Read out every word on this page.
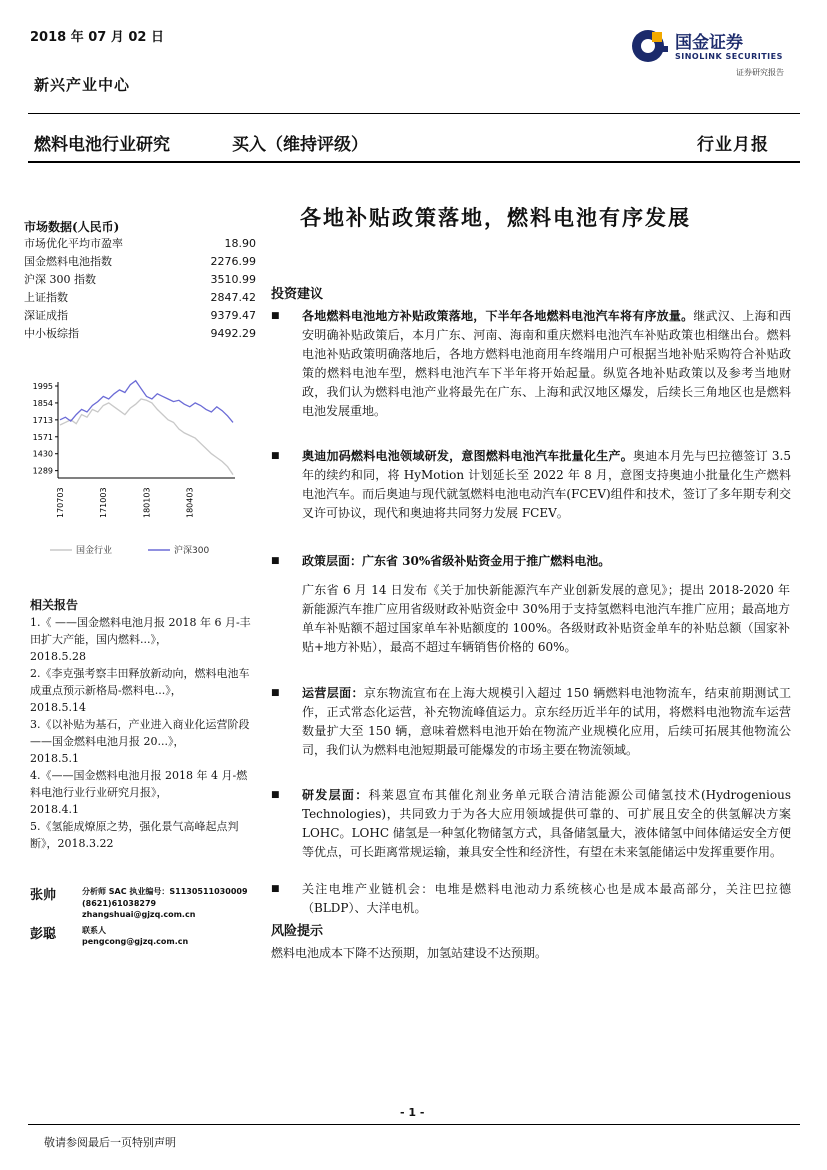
2018 年 07 月 02 日
新兴产业中心
国金证券
SINOLINK SECURITIES
证券研究报告
燃料电池行业研究	买入（维持评级）	行业月报
各地补贴政策落地，燃料电池有序发展
市场数据(人民币)
市场优化平均市盈率	18.90
国金燃料电池指数	2276.99
沪深 300 指数	3510.99
上证指数	2847.42
深证成指	9379.47
中小板综指	9492.29
1995
1854
1713
1571
1430
1289
170703	171003	180103	180403
国金行业	沪深300
相关报告

1.《 ——国金燃料电池月报 2018 年 6 月-丰田扩大产能，国内燃料...》，

2018.5.28

2.《李克强考察丰田释放新动向，燃料电池车成重点预示新格局-燃料电...》，

2018.5.14

3.《以补贴为基石，产业进入商业化运营阶段——国金燃料电池月报 20...》，

2018.5.1

4.《——国金燃料电池月报 2018 年 4 月-燃料电池行业行业研究月报》，

2018.4.1

5.《氢能成燎原之势，强化景气高峰起点判断》，2018.3.22

张帅	分析师 SAC 执业编号：S1130511030009
(8621)61038279
zhangshuai@gjzq.com.cn
彭聪	联系人
pengcong@gjzq.com.cn
投资建议
■ 各地燃料电池地方补贴政策落地，下半年各地燃料电池汽车将有序放量。继武汉、上海和西安明确补贴政策后，本月广东、河南、海南和重庆燃料电池汽车补贴政策也相继出台。燃料电池补贴政策明确落地后，各地方燃料电池商用车终端用户可根据当地补贴采购符合补贴政策的燃料电池车型，燃料电池汽车下半年将开始起量。纵览各地补贴政策以及参考当地财政，我们认为燃料电池产业将最先在广东、上海和武汉地区爆发，后续长三角地区也是燃料电池发展重地。
■ 奥迪加码燃料电池领域研发，意图燃料电池汽车批量化生产。奥迪本月先与巴拉德签订 3.5 年的续约和同，将 HyMotion 计划延长至 2022 年 8 月，意图支持奥迪小批量化生产燃料电池汽车。而后奥迪与现代就氢燃料电池电动汽车(FCEV)组件和技术，签订了多年期专利交叉许可协议，现代和奥迪将共同努力发展 FCEV。
■ 政策层面：广东省 30%省级补贴资金用于推广燃料电池。
广东省 6 月 14 日发布《关于加快新能源汽车产业创新发展的意见》；提出 2018-2020 年新能源汽车推广应用省级财政补贴资金中 30%用于支持氢燃料电池汽车推广应用；最高地方单车补贴额不超过国家单车补贴额度的 100%。各级财政补贴资金单车的补贴总额（国家补贴+地方补贴），最高不超过车辆销售价格的 60%。
■ 运营层面：京东物流宣布在上海大规模引入超过 150 辆燃料电池物流车，结束前期测试工作，正式常态化运营，补充物流峰值运力。京东经历近半年的试用，将燃料电池物流车运营数量扩大至 150 辆，意味着燃料电池开始在物流产业规模化应用，后续可拓展其他物流公司，我们认为燃料电池短期最可能爆发的市场主要在物流领域。
■ 研发层面：科莱恩宣布其催化剂业务单元联合清洁能源公司储氢技术(Hydrogenious Technologies)，共同致力于为各大应用领域提供可靠的、可扩展且安全的供氢解决方案 LOHC。LOHC 储氢是一种氢化物储氢方式，具备储氢量大，液体储氢中间体储运安全方便等优点，可长距离常规运输，兼具安全性和经济性，有望在未来氢能储运中发挥重要作用。
■ 关注电堆产业链机会：电堆是燃料电池动力系统核心也是成本最高部分，关注巴拉德（BLDP）、大洋电机。
风险提示
燃料电池成本下降不达预期，加氢站建设不达预期。
- 1 -
敬请参阅最后一页特别声明
